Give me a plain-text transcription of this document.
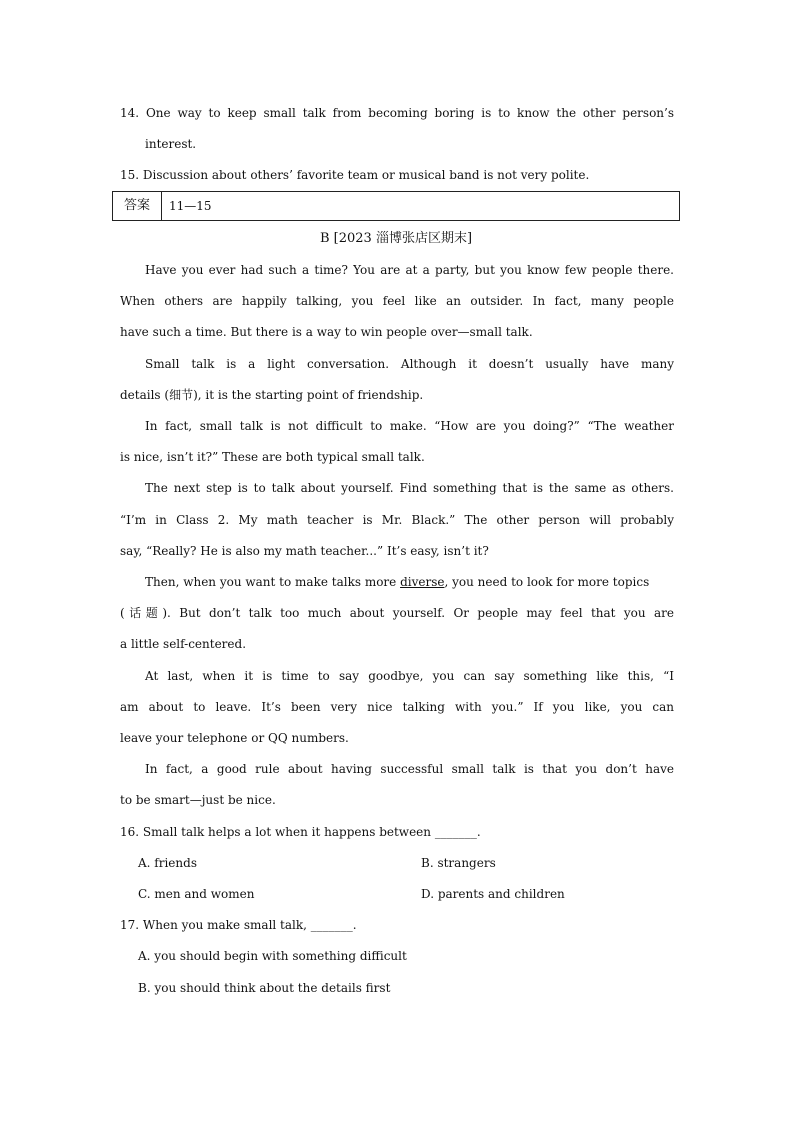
14. One way to keep small talk from becoming boring is to know the other person’s
interest.
15. Discussion about others’ favorite team or musical band is not very polite.
答案	11—15
B [2023 淄博张店区期末]
Have you ever had such a time? You are at a party, but you know few people there.
When others are happily talking, you feel like an outsider. In fact, many people
have such a time. But there is a way to win people over—small talk.
Small talk is a light conversation. Although it doesn’t usually have many
details (细节), it is the starting point of friendship.
In fact, small talk is not difficult to make. “How are you doing?” “The weather
is nice, isn’t it?” These are both typical small talk.
The next step is to talk about yourself. Find something that is the same as others.
“I’m in Class 2. My math teacher is Mr. Black.” The other person will probably
say, “Really? He is also my math teacher...” It’s easy, isn’t it?
Then, when you want to make talks more diverse, you need to look for more topics
(话题). But don’t talk too much about yourself. Or people may feel that you are
a little self-centered.
At last, when it is time to say goodbye, you can say something like this, “I
am about to leave. It’s been very nice talking with you.” If you like, you can
leave your telephone or QQ numbers.
In fact, a good rule about having successful small talk is that you don’t have
to be smart—just be nice.
16. Small talk helps a lot when it happens between _______.
A. friends	B. strangers
C. men and women	D. parents and children
17. When you make small talk, _______.
A. you should begin with something difficult
B. you should think about the details first
